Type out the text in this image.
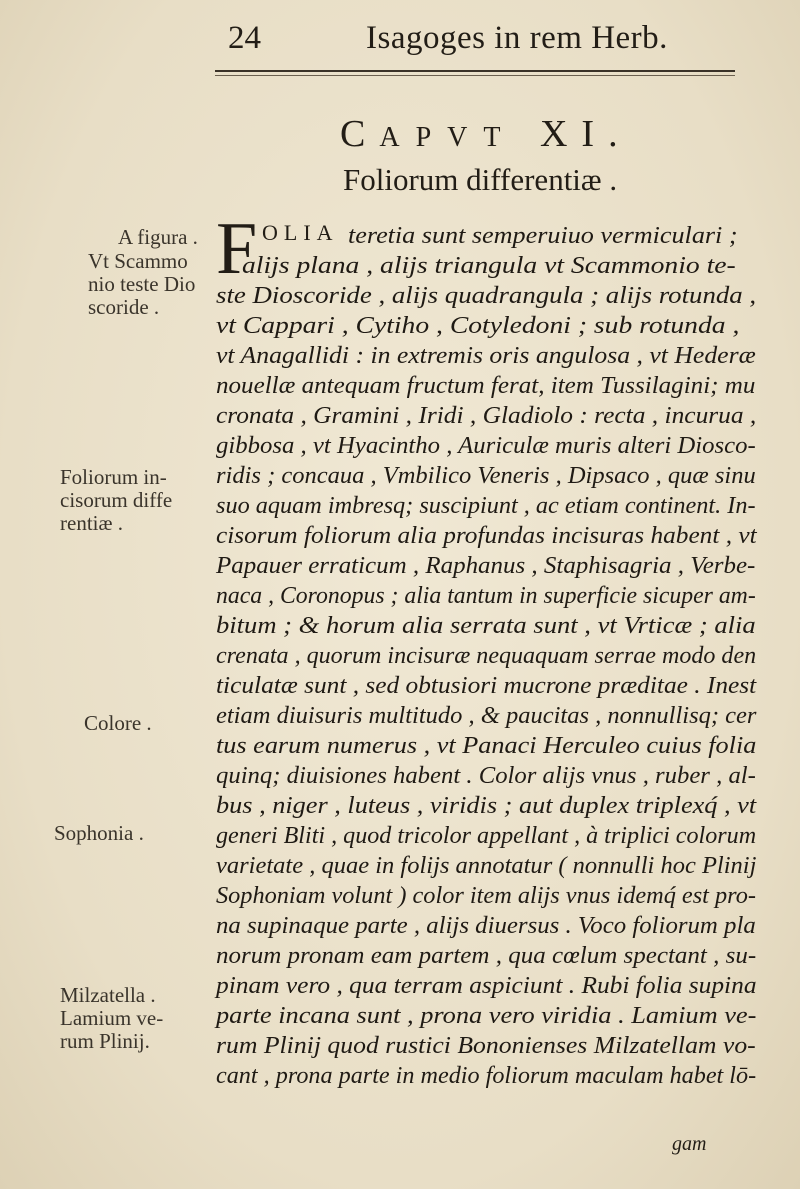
24	Isagoges in rem Herb.
CAPVT XI.
Foliorum differentiæ .
A figura .
Vt Scammo
nio teste Dio
scoride .
Foliorum in-
cisorum diffe
rentiæ .
Colore .
Sophonia .
Milzatella .
Lamium ve-
rum Plinij.
F OLIA teretia sunt semperuiuo vermiculari ;
alijs plana , alijs triangula vt Scammonio te-
ste Dioscoride , alijs quadrangula ; alijs rotunda ,
vt Cappari , Cytiho , Cotyledoni ; sub rotunda ,
vt Anagallidi : in extremis oris angulosa , vt Hederæ
nouellæ antequam fructum ferat, item Tussilagini; mu
cronata , Gramini , Iridi , Gladiolo : recta , incurua ,
gibbosa , vt Hyacintho , Auriculæ muris alteri Diosco-
ridis ; concaua , Vmbilico Veneris , Dipsaco , quæ sinu
suo aquam imbresq; suscipiunt , ac etiam continent. In-
cisorum foliorum alia profundas incisuras habent , vt
Papauer erraticum , Raphanus , Staphisagria , Verbe-
naca , Coronopus ; alia tantum in superficie sicuper am-
bitum ; & horum alia serrata sunt , vt Vrticæ ; alia
crenata , quorum incisuræ nequaquam serrae modo den
ticulatæ sunt , sed obtusiori mucrone præditae . Inest
etiam diuisuris multitudo , & paucitas , nonnullisq; cer
tus earum numerus , vt Panaci Herculeo cuius folia
quinq; diuisiones habent . Color alijs vnus , ruber , al-
bus , niger , luteus , viridis ; aut duplex triplexq́ , vt
generi Bliti , quod tricolor appellant , à triplici colorum
varietate , quae in folijs annotatur ( nonnulli hoc Plinij
Sophoniam volunt ) color item alijs vnus idemq́ est pro-
na supinaque parte , alijs diuersus . Voco foliorum pla
norum pronam eam partem , qua cœlum spectant , su-
pinam vero , qua terram aspiciunt . Rubi folia supina
parte incana sunt , prona vero viridia . Lamium ve-
rum Plinij quod rustici Bononienses Milzatellam vo-
cant , prona parte in medio foliorum maculam habet lō-
gam
